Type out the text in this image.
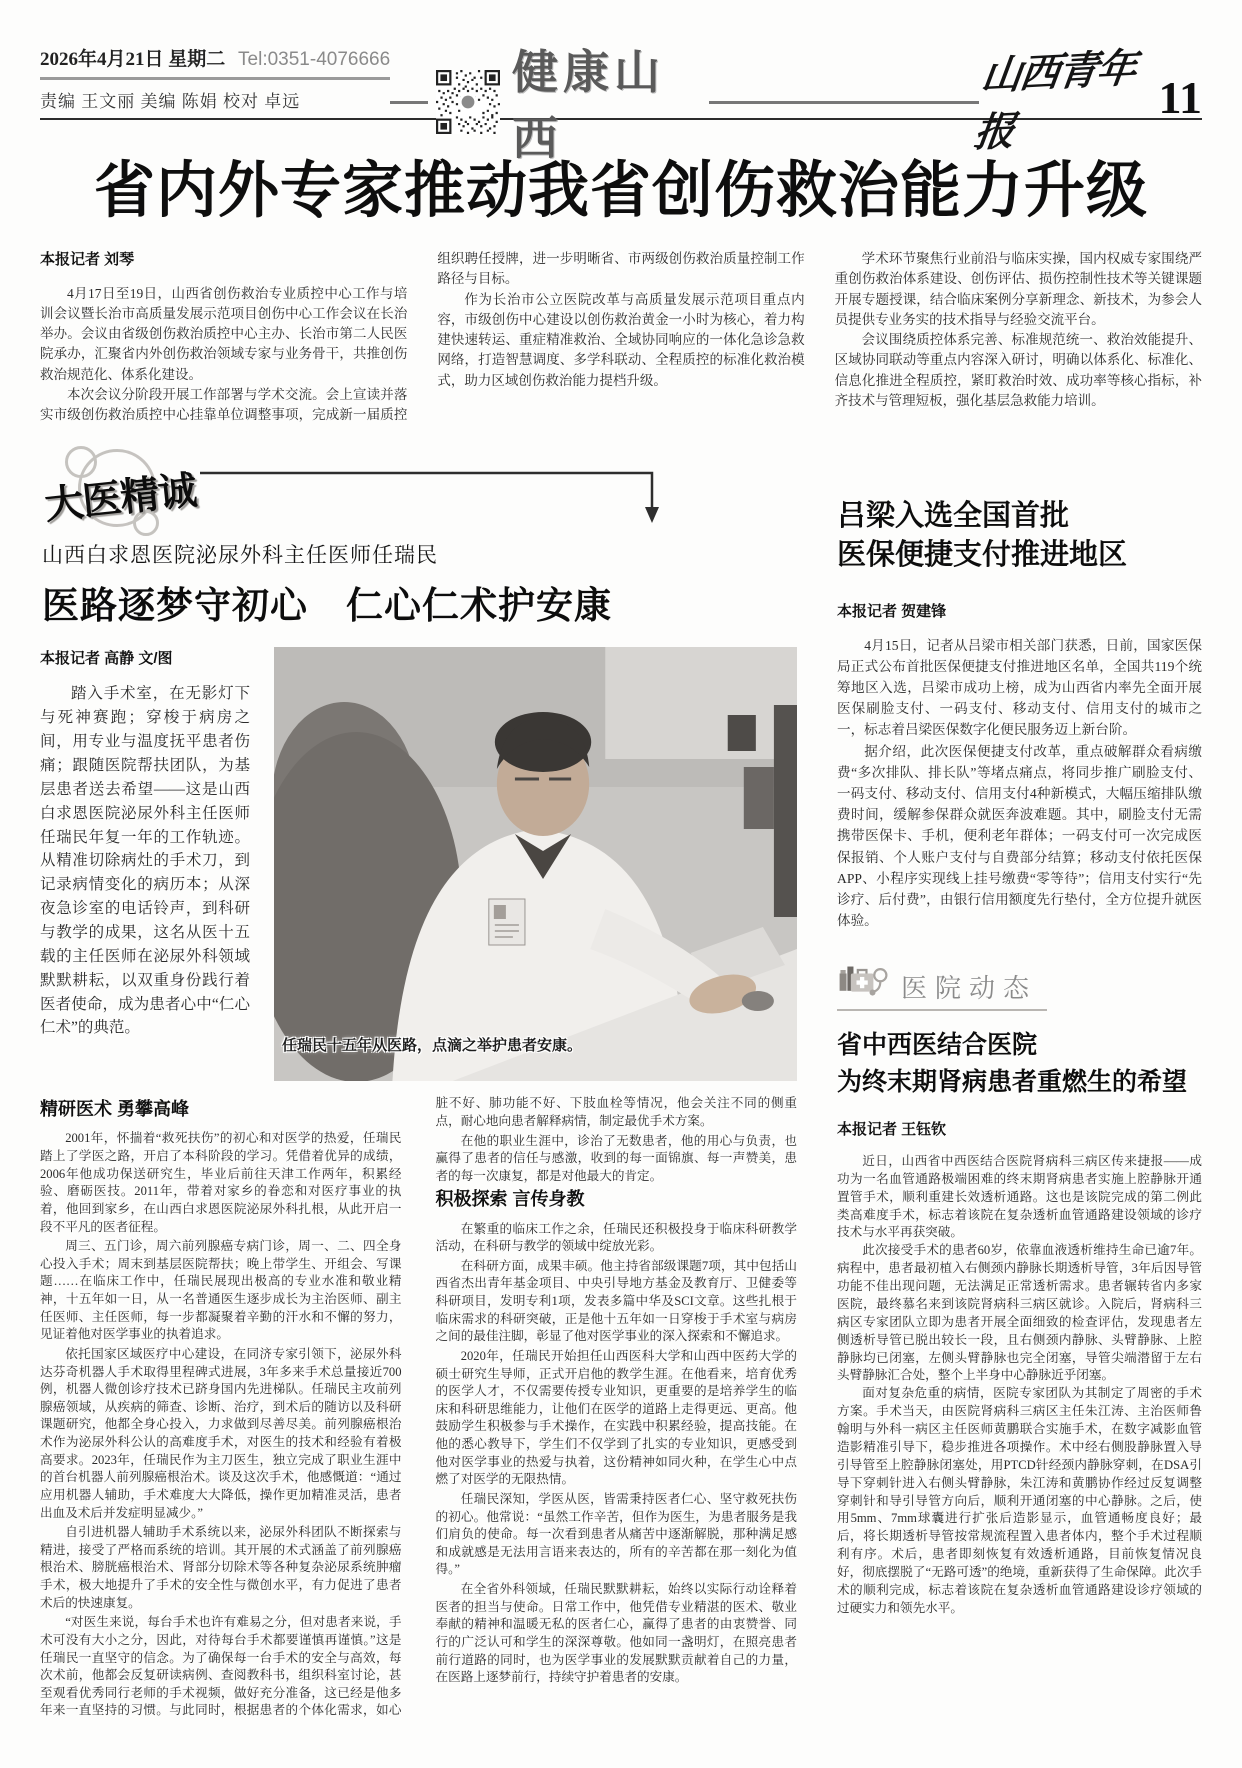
2026年4月21日 星期二 Tel:0351-4076666
责编 王文丽 美编 陈娟 校对 卓远
健康山西
山西青年报
11
省内外专家推动我省创伤救治能力升级

本报记者 刘琴

4月17日至19日，山西省创伤救治专业质控中心工作与培训会议暨长治市高质量发展示范项目创伤中心工作会议在长治举办。会议由省级创伤救治质控中心主办、长治市第二人民医院承办，汇聚省内外创伤救治领域专家与业务骨干，共推创伤救治规范化、体系化建设。

本次会议分阶段开展工作部署与学术交流。会上宣读并落实市级创伤救治质控中心挂靠单位调整事项，完成新一届质控组织聘任授牌，进一步明晰省、市两级创伤救治质量控制工作路径与目标。

作为长治市公立医院改革与高质量发展示范项目重点内容，市级创伤中心建设以创伤救治黄金一小时为核心，着力构建快速转运、重症精准救治、全域协同响应的一体化急诊急救网络，打造智慧调度、多学科联动、全程质控的标准化救治模式，助力区域创伤救治能力提档升级。

学术环节聚焦行业前沿与临床实操，国内权威专家围绕严重创伤救治体系建设、创伤评估、损伤控制性技术等关键课题开展专题授课，结合临床案例分享新理念、新技术，为参会人员提供专业务实的技术指导与经验交流平台。

会议围绕质控体系完善、标准规范统一、救治效能提升、区域协同联动等重点内容深入研讨，明确以体系化、标准化、信息化推进全程质控，紧盯救治时效、成功率等核心指标，补齐技术与管理短板，强化基层急救能力培训。

大医精诚

山西白求恩医院泌尿外科主任医师任瑞民

医路逐梦守初心　仁心仁术护安康

本报记者 高静 文/图

踏入手术室，在无影灯下与死神赛跑；穿梭于病房之间，用专业与温度抚平患者伤痛；跟随医院帮扶团队，为基层患者送去希望——这是山西白求恩医院泌尿外科主任医师任瑞民年复一年的工作轨迹。从精准切除病灶的手术刀，到记录病情变化的病历本；从深夜急诊室的电话铃声，到科研与教学的成果，这名从医十五载的主任医师在泌尿外科领域默默耕耘，以双重身份践行着医者使命，成为患者心中“仁心仁术”的典范。

任瑞民十五年从医路，点滴之举护患者安康。
精研医术 勇攀高峰

2001年，怀揣着“救死扶伤”的初心和对医学的热爱，任瑞民踏上了学医之路，开启了本科阶段的学习。凭借着优异的成绩，2006年他成功保送研究生，毕业后前往天津工作两年，积累经验、磨砺医技。2011年，带着对家乡的眷恋和对医疗事业的执着，他回到家乡，在山西白求恩医院泌尿外科扎根，从此开启一段不平凡的医者征程。

周三、五门诊，周六前列腺癌专病门诊，周一、二、四全身心投入手术；周末到基层医院帮扶；晚上带学生、开组会、写课题……在临床工作中，任瑞民展现出极高的专业水准和敬业精神，十五年如一日，从一名普通医生逐步成长为主治医师、副主任医师、主任医师，每一步都凝聚着辛勤的汗水和不懈的努力，见证着他对医学事业的执着追求。

依托国家区域医疗中心建设，在同济专家引领下，泌尿外科达芬奇机器人手术取得里程碑式进展，3年多来手术总量接近700例，机器人微创诊疗技术已跻身国内先进梯队。任瑞民主攻前列腺癌领域，从疾病的筛查、诊断、治疗，到术后的随访以及科研课题研究，他都全身心投入，力求做到尽善尽美。前列腺癌根治术作为泌尿外科公认的高难度手术，对医生的技术和经验有着极高要求。2023年，任瑞民作为主刀医生，独立完成了职业生涯中的首台机器人前列腺癌根治术。谈及这次手术，他感慨道：“通过应用机器人辅助，手术难度大大降低，操作更加精准灵活，患者出血及术后并发症明显减少。”

自引进机器人辅助手术系统以来，泌尿外科团队不断探索与精进，接受了严格而系统的培训。其开展的术式涵盖了前列腺癌根治术、膀胱癌根治术、肾部分切除术等各种复杂泌尿系统肿瘤手术，极大地提升了手术的安全性与微创水平，有力促进了患者术后的快速康复。

“对医生来说，每台手术也许有难易之分，但对患者来说，手术可没有大小之分，因此，对待每台手术都要谨慎再谨慎。”这是任瑞民一直坚守的信念。为了确保每一台手术的安全与高效，每次术前，他都会反复研读病例、查阅教科书，组织科室讨论，甚至观看优秀同行老师的手术视频，做好充分准备，这已经是他多年来一直坚持的习惯。与此同时，根据患者的个体化需求，如心脏不好、肺功能不好、下肢血栓等情况，他会关注不同的侧重点，耐心地向患者解释病情，制定最优手术方案。

在他的职业生涯中，诊治了无数患者，他的用心与负责，也赢得了患者的信任与感激，收到的每一面锦旗、每一声赞美，患者的每一次康复，都是对他最大的肯定。

积极探索 言传身教

在繁重的临床工作之余，任瑞民还积极投身于临床科研教学活动，在科研与教学的领域中绽放光彩。

在科研方面，成果丰硕。他主持省部级课题7项，其中包括山西省杰出青年基金项目、中央引导地方基金及教育厅、卫健委等科研项目，发明专利1项，发表多篇中华及SCI文章。这些扎根于临床需求的科研突破，正是他十五年如一日穿梭于手术室与病房之间的最佳注脚，彰显了他对医学事业的深入探索和不懈追求。

2020年，任瑞民开始担任山西医科大学和山西中医药大学的硕士研究生导师，正式开启他的教学生涯。在他看来，培育优秀的医学人才，不仅需要传授专业知识，更重要的是培养学生的临床和科研思维能力，让他们在医学的道路上走得更远、更高。他鼓励学生积极参与手术操作，在实践中积累经验，提高技能。在他的悉心教导下，学生们不仅学到了扎实的专业知识，更感受到他对医学事业的热爱与执着，这份精神如同火种，在学生心中点燃了对医学的无限热情。

任瑞民深知，学医从医，皆需秉持医者仁心、坚守救死扶伤的初心。他常说：“虽然工作辛苦，但作为医生，为患者服务是我们肩负的使命。每一次看到患者从痛苦中逐渐解脱，那种满足感和成就感是无法用言语来表达的，所有的辛苦都在那一刻化为值得。”

在全省外科领域，任瑞民默默耕耘，始终以实际行动诠释着医者的担当与使命。日常工作中，他凭借专业精湛的医术、敬业奉献的精神和温暖无私的医者仁心，赢得了患者的由衷赞誉、同行的广泛认可和学生的深深尊敬。他如同一盏明灯，在照亮患者前行道路的同时，也为医学事业的发展默默贡献着自己的力量，在医路上逐梦前行，持续守护着患者的安康。

吕梁入选全国首批
医保便捷支付推进地区

本报记者 贺建锋

4月15日，记者从吕梁市相关部门获悉，日前，国家医保局正式公布首批医保便捷支付推进地区名单，全国共119个统筹地区入选，吕梁市成功上榜，成为山西省内率先全面开展医保刷脸支付、一码支付、移动支付、信用支付的城市之一，标志着吕梁医保数字化便民服务迈上新台阶。

据介绍，此次医保便捷支付改革，重点破解群众看病缴费“多次排队、排长队”等堵点痛点，将同步推广刷脸支付、一码支付、移动支付、信用支付4种新模式，大幅压缩排队缴费时间，缓解参保群众就医奔波难题。其中，刷脸支付无需携带医保卡、手机，便利老年群体；一码支付可一次完成医保报销、个人账户支付与自费部分结算；移动支付依托医保APP、小程序实现线上挂号缴费“零等待”；信用支付实行“先诊疗、后付费”，由银行信用额度先行垫付，全方位提升就医体验。

医院动态
省中西医结合医院
为终末期肾病患者重燃生的希望

本报记者 王钰钦

近日，山西省中西医结合医院肾病科三病区传来捷报——成功为一名血管通路极端困难的终末期肾病患者实施上腔静脉开通置管手术，顺利重建长效透析通路。这也是该院完成的第二例此类高难度手术，标志着该院在复杂透析血管通路建设领域的诊疗技术与水平再获突破。

此次接受手术的患者60岁，依靠血液透析维持生命已逾7年。病程中，患者最初植入右侧颈内静脉长期透析导管，3年后因导管功能不佳出现问题，无法满足正常透析需求。患者辗转省内多家医院，最终慕名来到该院肾病科三病区就诊。入院后，肾病科三病区专家团队立即为患者开展全面细致的检查评估，发现患者左侧透析导管已脱出较长一段，且右侧颈内静脉、头臂静脉、上腔静脉均已闭塞，左侧头臂静脉也完全闭塞，导管尖端潜留于左右头臂静脉汇合处，整个上半身中心静脉近乎闭塞。

面对复杂危重的病情，医院专家团队为其制定了周密的手术方案。手术当天，由医院肾病科三病区主任朱江涛、主治医师鲁翰明与外科一病区主任医师黄鹏联合实施手术，在数字减影血管造影精准引导下，稳步推进各项操作。术中经右侧股静脉置入导引导管至上腔静脉闭塞处，用PTCD针经颈内静脉穿刺，在DSA引导下穿刺针进入右侧头臂静脉，朱江涛和黄鹏协作经过反复调整穿刺针和导引导管方向后，顺利开通闭塞的中心静脉。之后，使用5mm、7mm球囊进行扩张后造影显示，血管通畅度良好；最后，将长期透析导管按常规流程置入患者体内，整个手术过程顺利有序。术后，患者即刻恢复有效透析通路，目前恢复情况良好，彻底摆脱了“无路可透”的绝境，重新获得了生命保障。此次手术的顺利完成，标志着该院在复杂透析血管通路建设诊疗领域的过硬实力和领先水平。
